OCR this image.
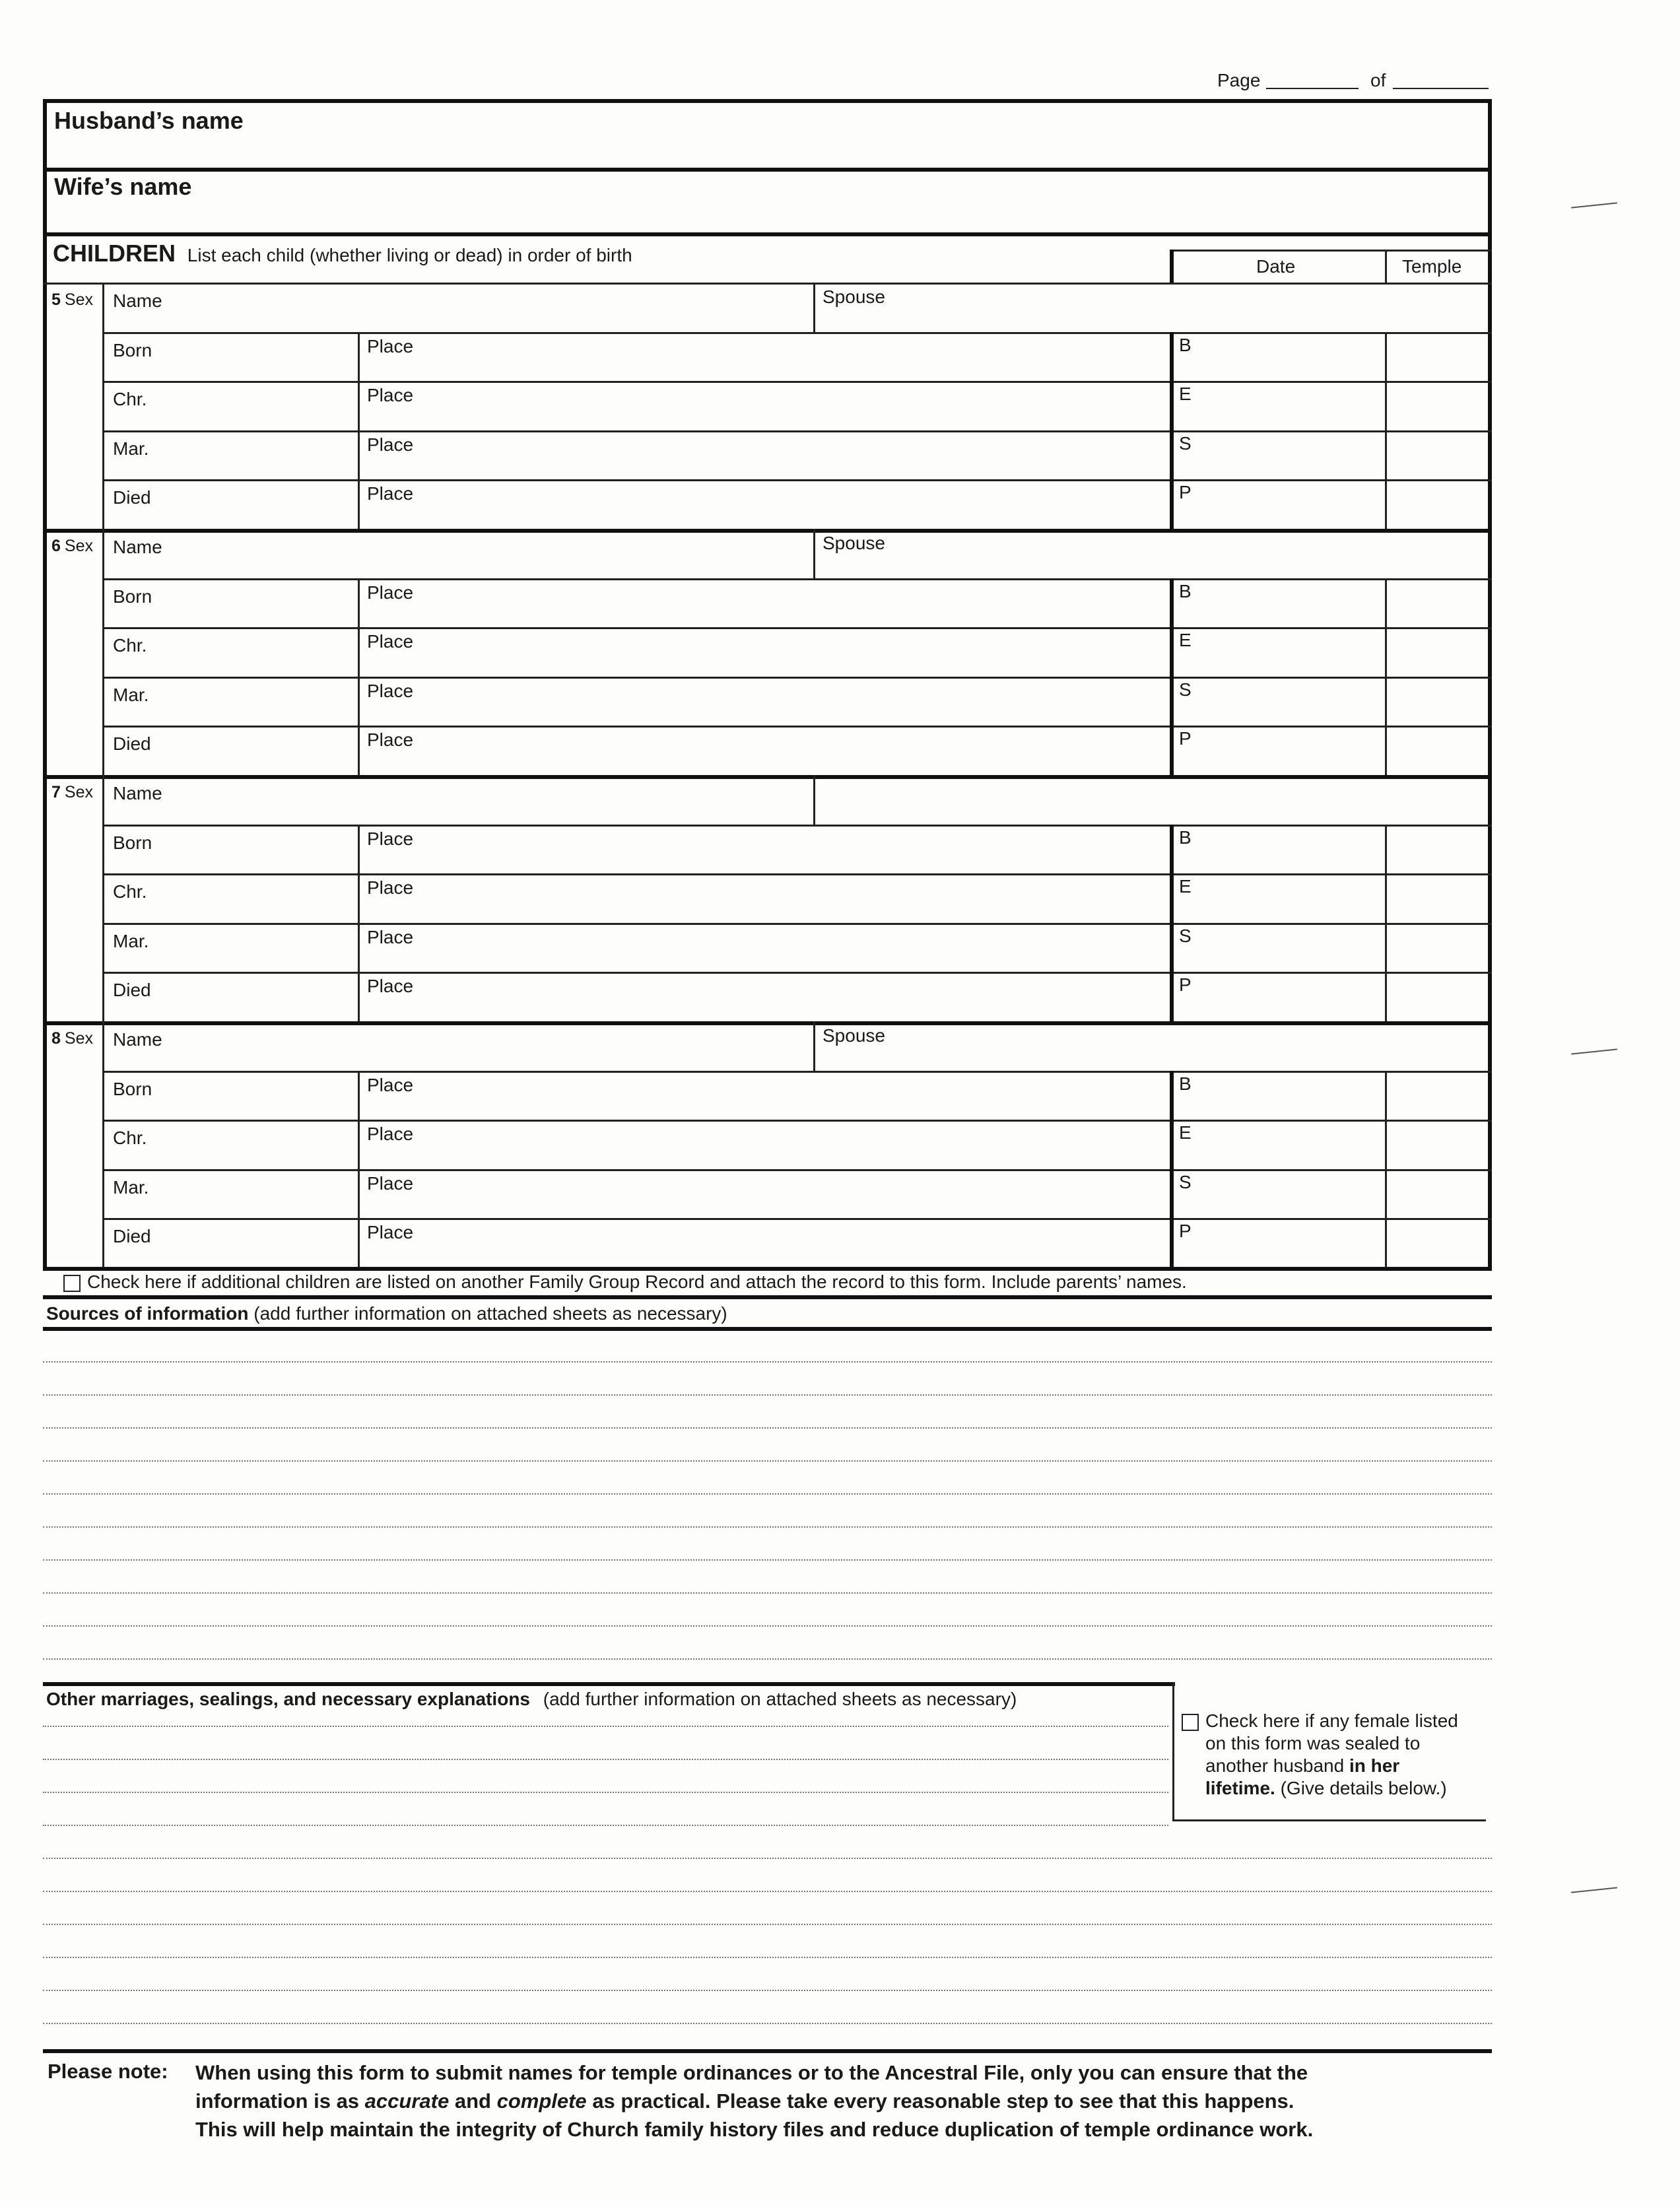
Page	of
Husband’s name
Wife’s name
CHILDREN List each child (whether living or dead) in order of birth
Date	Temple
5 Sex Name	Spouse
Born	Place	B
Chr.	Place	E
Mar.	Place	S
Died	Place	P
6 Sex Name	Spouse
Born	Place	B
Chr.	Place	E
Mar.	Place	S
Died	Place	P
7 Sex Name
Born	Place	B
Chr.	Place	E
Mar.	Place	S
Died	Place	P
8 Sex Name	Spouse
Born	Place	B
Chr.	Place	E
Mar.	Place	S
Died	Place	P
Check here if additional children are listed on another Family Group Record and attach the record to this form. Include parents’ names.
Sources of information (add further information on attached sheets as necessary)
Other marriages, sealings, and necessary explanations (add further information on attached sheets as necessary)
Check here if any female listed
on this form was sealed to
another husband in her
lifetime. (Give details below.)
Please note: When using this form to submit names for temple ordinances or to the Ancestral File, only you can ensure that the
information is as accurate and complete as practical. Please take every reasonable step to see that this happens.
This will help maintain the integrity of Church family history files and reduce duplication of temple ordinance work.
